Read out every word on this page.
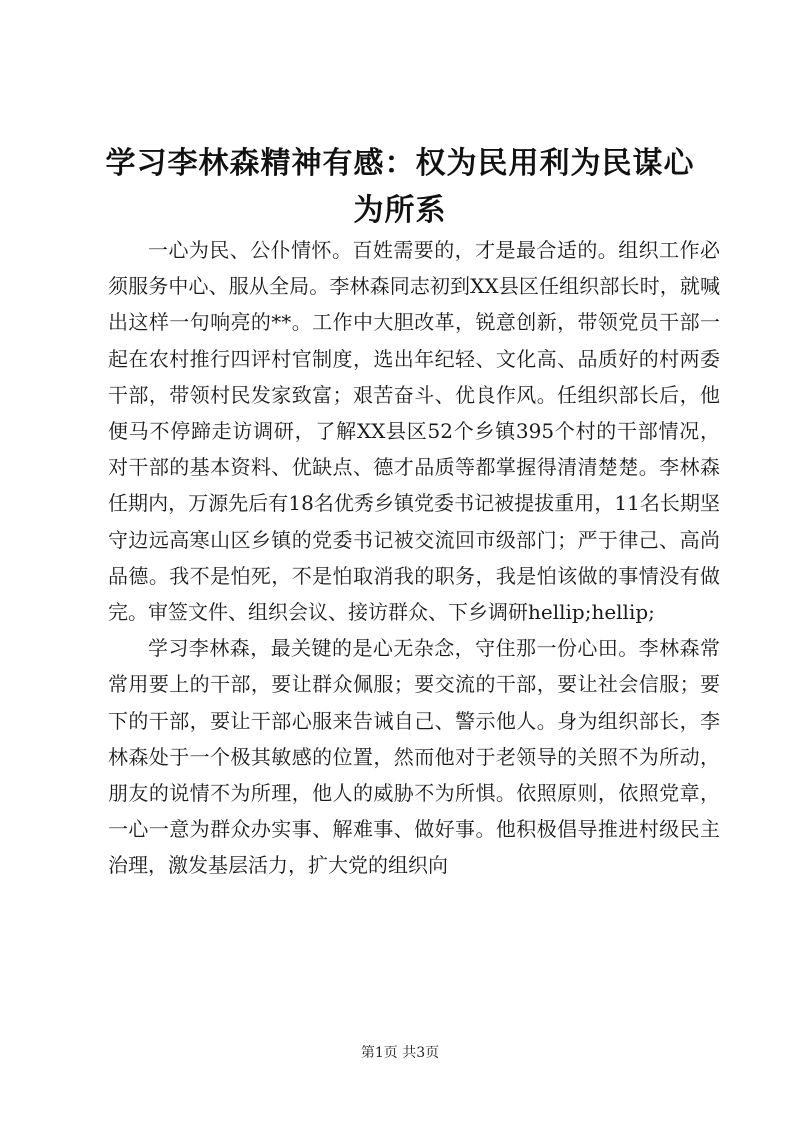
学习李林森精神有感：权为民用利为民谋心为所系

一心为民、公仆情怀。百姓需要的，才是最合适的。组织工作必须服务中心、服从全局。李林森同志初到XX县区任组织部长时，就喊出这样一句响亮的**。工作中大胆改革，锐意创新，带领党员干部一起在农村推行四评村官制度，选出年纪轻、文化高、品质好的村两委干部，带领村民发家致富；艰苦奋斗、优良作风。任组织部长后，他便马不停蹄走访调研，了解XX县区52个乡镇395个村的干部情况，对干部的基本资料、优缺点、德才品质等都掌握得清清楚楚。李林森任期内，万源先后有18名优秀乡镇党委书记被提拔重用，11名长期坚守边远高寒山区乡镇的党委书记被交流回市级部门；严于律己、高尚品德。我不是怕死，不是怕取消我的职务，我是怕该做的事情没有做完。审签文件、组织会议、接访群众、下乡调研hellip;hellip;

学习李林森，最关键的是心无杂念，守住那一份心田。李林森常常用要上的干部，要让群众佩服；要交流的干部，要让社会信服；要下的干部，要让干部心服来告诫自己、警示他人。身为组织部长，李林森处于一个极其敏感的位置，然而他对于老领导的关照不为所动，朋友的说情不为所理，他人的威胁不为所惧。依照原则，依照党章，一心一意为群众办实事、解难事、做好事。他积极倡导推进村级民主治理，激发基层活力，扩大党的组织向

第1页 共3页
